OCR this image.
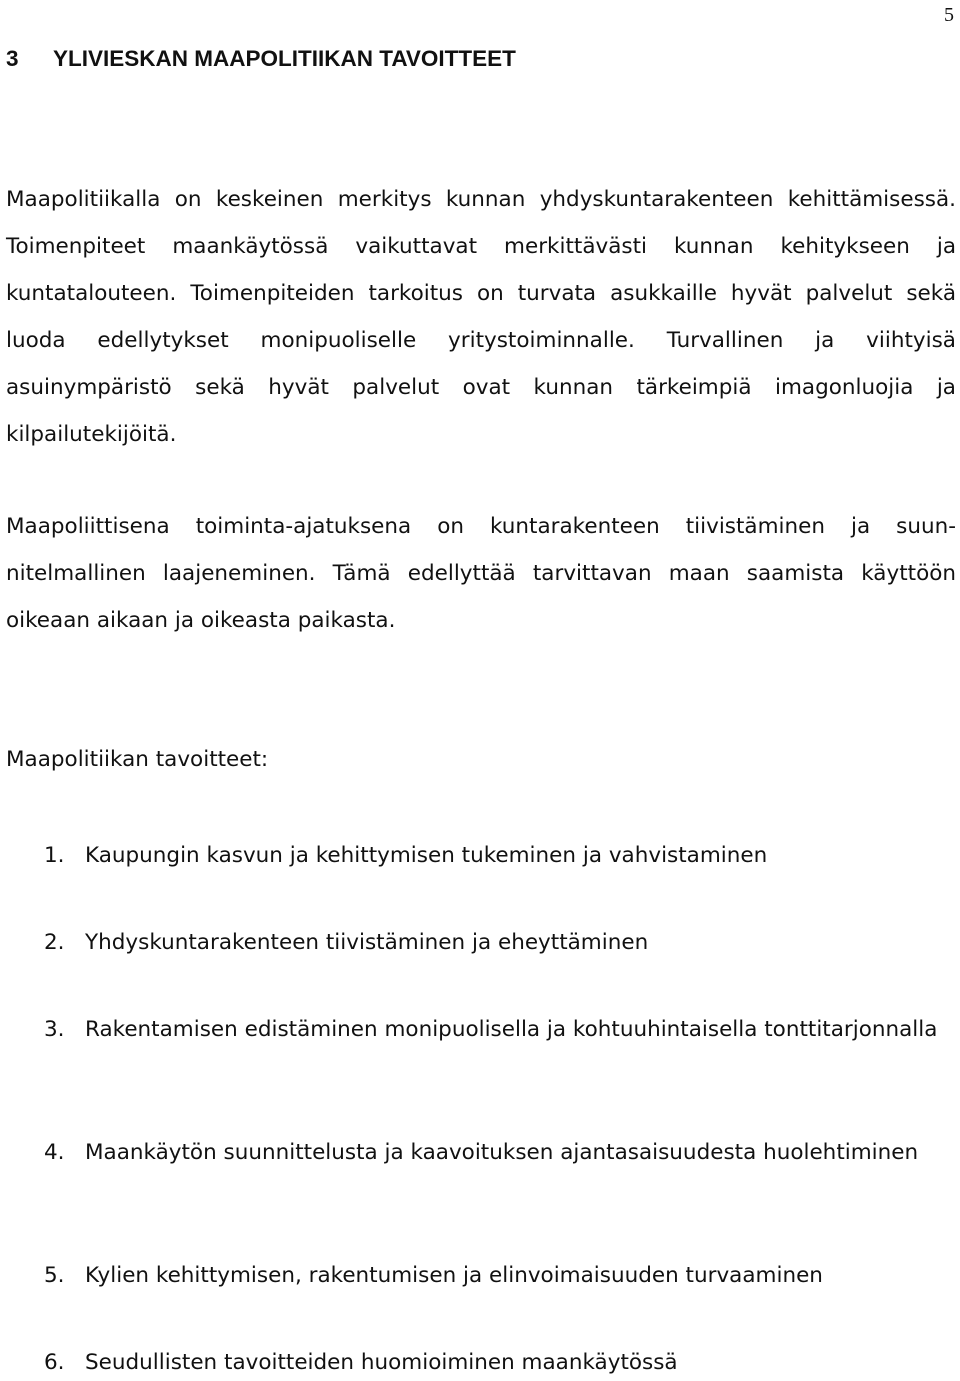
5
3 YLIVIESKAN MAAPOLITIIKAN TAVOITTEET

Maapolitiikalla on keskeinen merkitys kunnan yhdyskuntarakenteen kehittämisessä. Toimenpiteet maankäytössä vaikuttavat merkittävästi kunnan kehitykseen ja kuntatalouteen. Toimenpiteiden tarkoitus on turvata asukkaille hyvät palvelut sekä luoda edellytykset monipuoliselle yritystoiminnalle. Turvallinen ja viihtyisä asuinympäristö sekä hyvät palvelut ovat kunnan tärkeimpiä imagonluojia ja kilpailutekijöitä.

Maapoliittisena toiminta-ajatuksena on kuntarakenteen tiivistäminen ja suunnitelmallinen laajeneminen. Tämä edellyttää tarvittavan maan saamista käyttöön oikeaan aikaan ja oikeasta paikasta.

Maapolitiikan tavoitteet:

1. Kaupungin kasvun ja kehittymisen tukeminen ja vahvistaminen
2. Yhdyskuntarakenteen tiivistäminen ja eheyttäminen
3. Rakentamisen edistäminen monipuolisella ja kohtuuhintaisella tonttitarjonnalla
4. Maankäytön suunnittelusta ja kaavoituksen ajantasaisuudesta huolehtiminen
5. Kylien kehittymisen, rakentumisen ja elinvoimaisuuden turvaaminen
6. Seudullisten tavoitteiden huomioiminen maankäytössä
